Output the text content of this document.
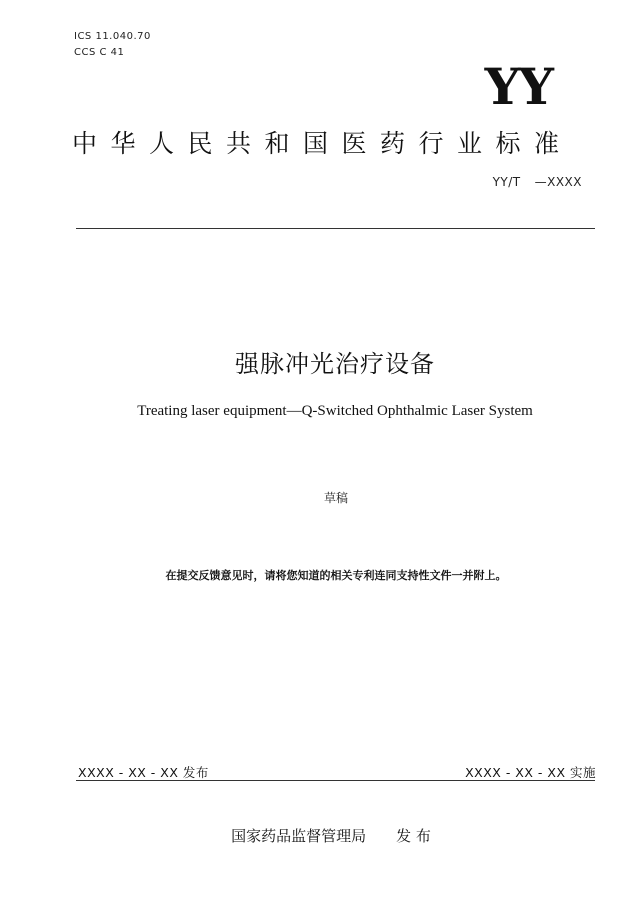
ICS 11.040.70
CCS C 41
YY
中华人民共和国医药行业标准
YY/T —XXXX
强脉冲光治疗设备
Treating laser equipment—Q-Switched Ophthalmic Laser System
草稿
在提交反馈意见时，请将您知道的相关专利连同支持性文件一并附上。
XXXX - XX - XX 发布	XXXX - XX - XX 实施
国家药品监督管理局 发 布
